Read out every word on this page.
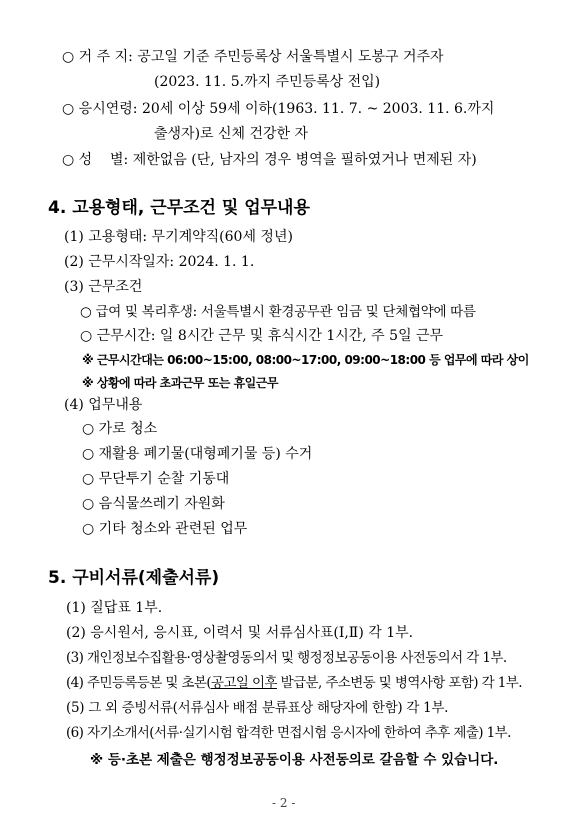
○ 거 주 지: 공고일 기준 주민등록상 서울특별시 도봉구 거주자
(2023. 11. 5.까지 주민등록상 전입)
○ 응시연령: 20세 이상 59세 이하(1963. 11. 7. ~ 2003. 11. 6.까지
출생자)로 신체 건강한 자
○ 성    별: 제한없음 (단, 남자의 경우 병역을 필하였거나 면제된 자)
4. 고용형태, 근무조건 및 업무내용
(1) 고용형태: 무기계약직(60세 정년)
(2) 근무시작일자: 2024. 1. 1.
(3) 근무조건
○ 급여 및 복리후생: 서울특별시 환경공무관 임금 및 단체협약에 따름
○ 근무시간: 일 8시간 근무 및 휴식시간 1시간, 주 5일 근무
※ 근무시간대는 06:00~15:00, 08:00~17:00, 09:00~18:00 등 업무에 따라 상이
※ 상황에 따라 초과근무 또는 휴일근무
(4) 업무내용
○ 가로 청소
○ 재활용 폐기물(대형폐기물 등) 수거
○ 무단투기 순찰 기동대
○ 음식물쓰레기 자원화
○ 기타 청소와 관련된 업무
5. 구비서류(제출서류)
(1) 질답표 1부.
(2) 응시원서, 응시표, 이력서 및 서류심사표(Ⅰ,Ⅱ) 각 1부.
(3) 개인정보수집활용·영상촬영동의서 및 행정정보공동이용 사전동의서 각 1부.
(4) 주민등록등본 및 초본(공고일 이후 발급분, 주소변동 및 병역사항 포함) 각 1부.
(5) 그 외 증빙서류(서류심사 배점 분류표상 해당자에 한함) 각 1부.
(6) 자기소개서(서류·실기시험 합격한 면접시험 응시자에 한하여 추후 제출) 1부.
※ 등·초본 제출은 행정정보공동이용 사전동의로 갈음할 수 있습니다.
- 2 -
